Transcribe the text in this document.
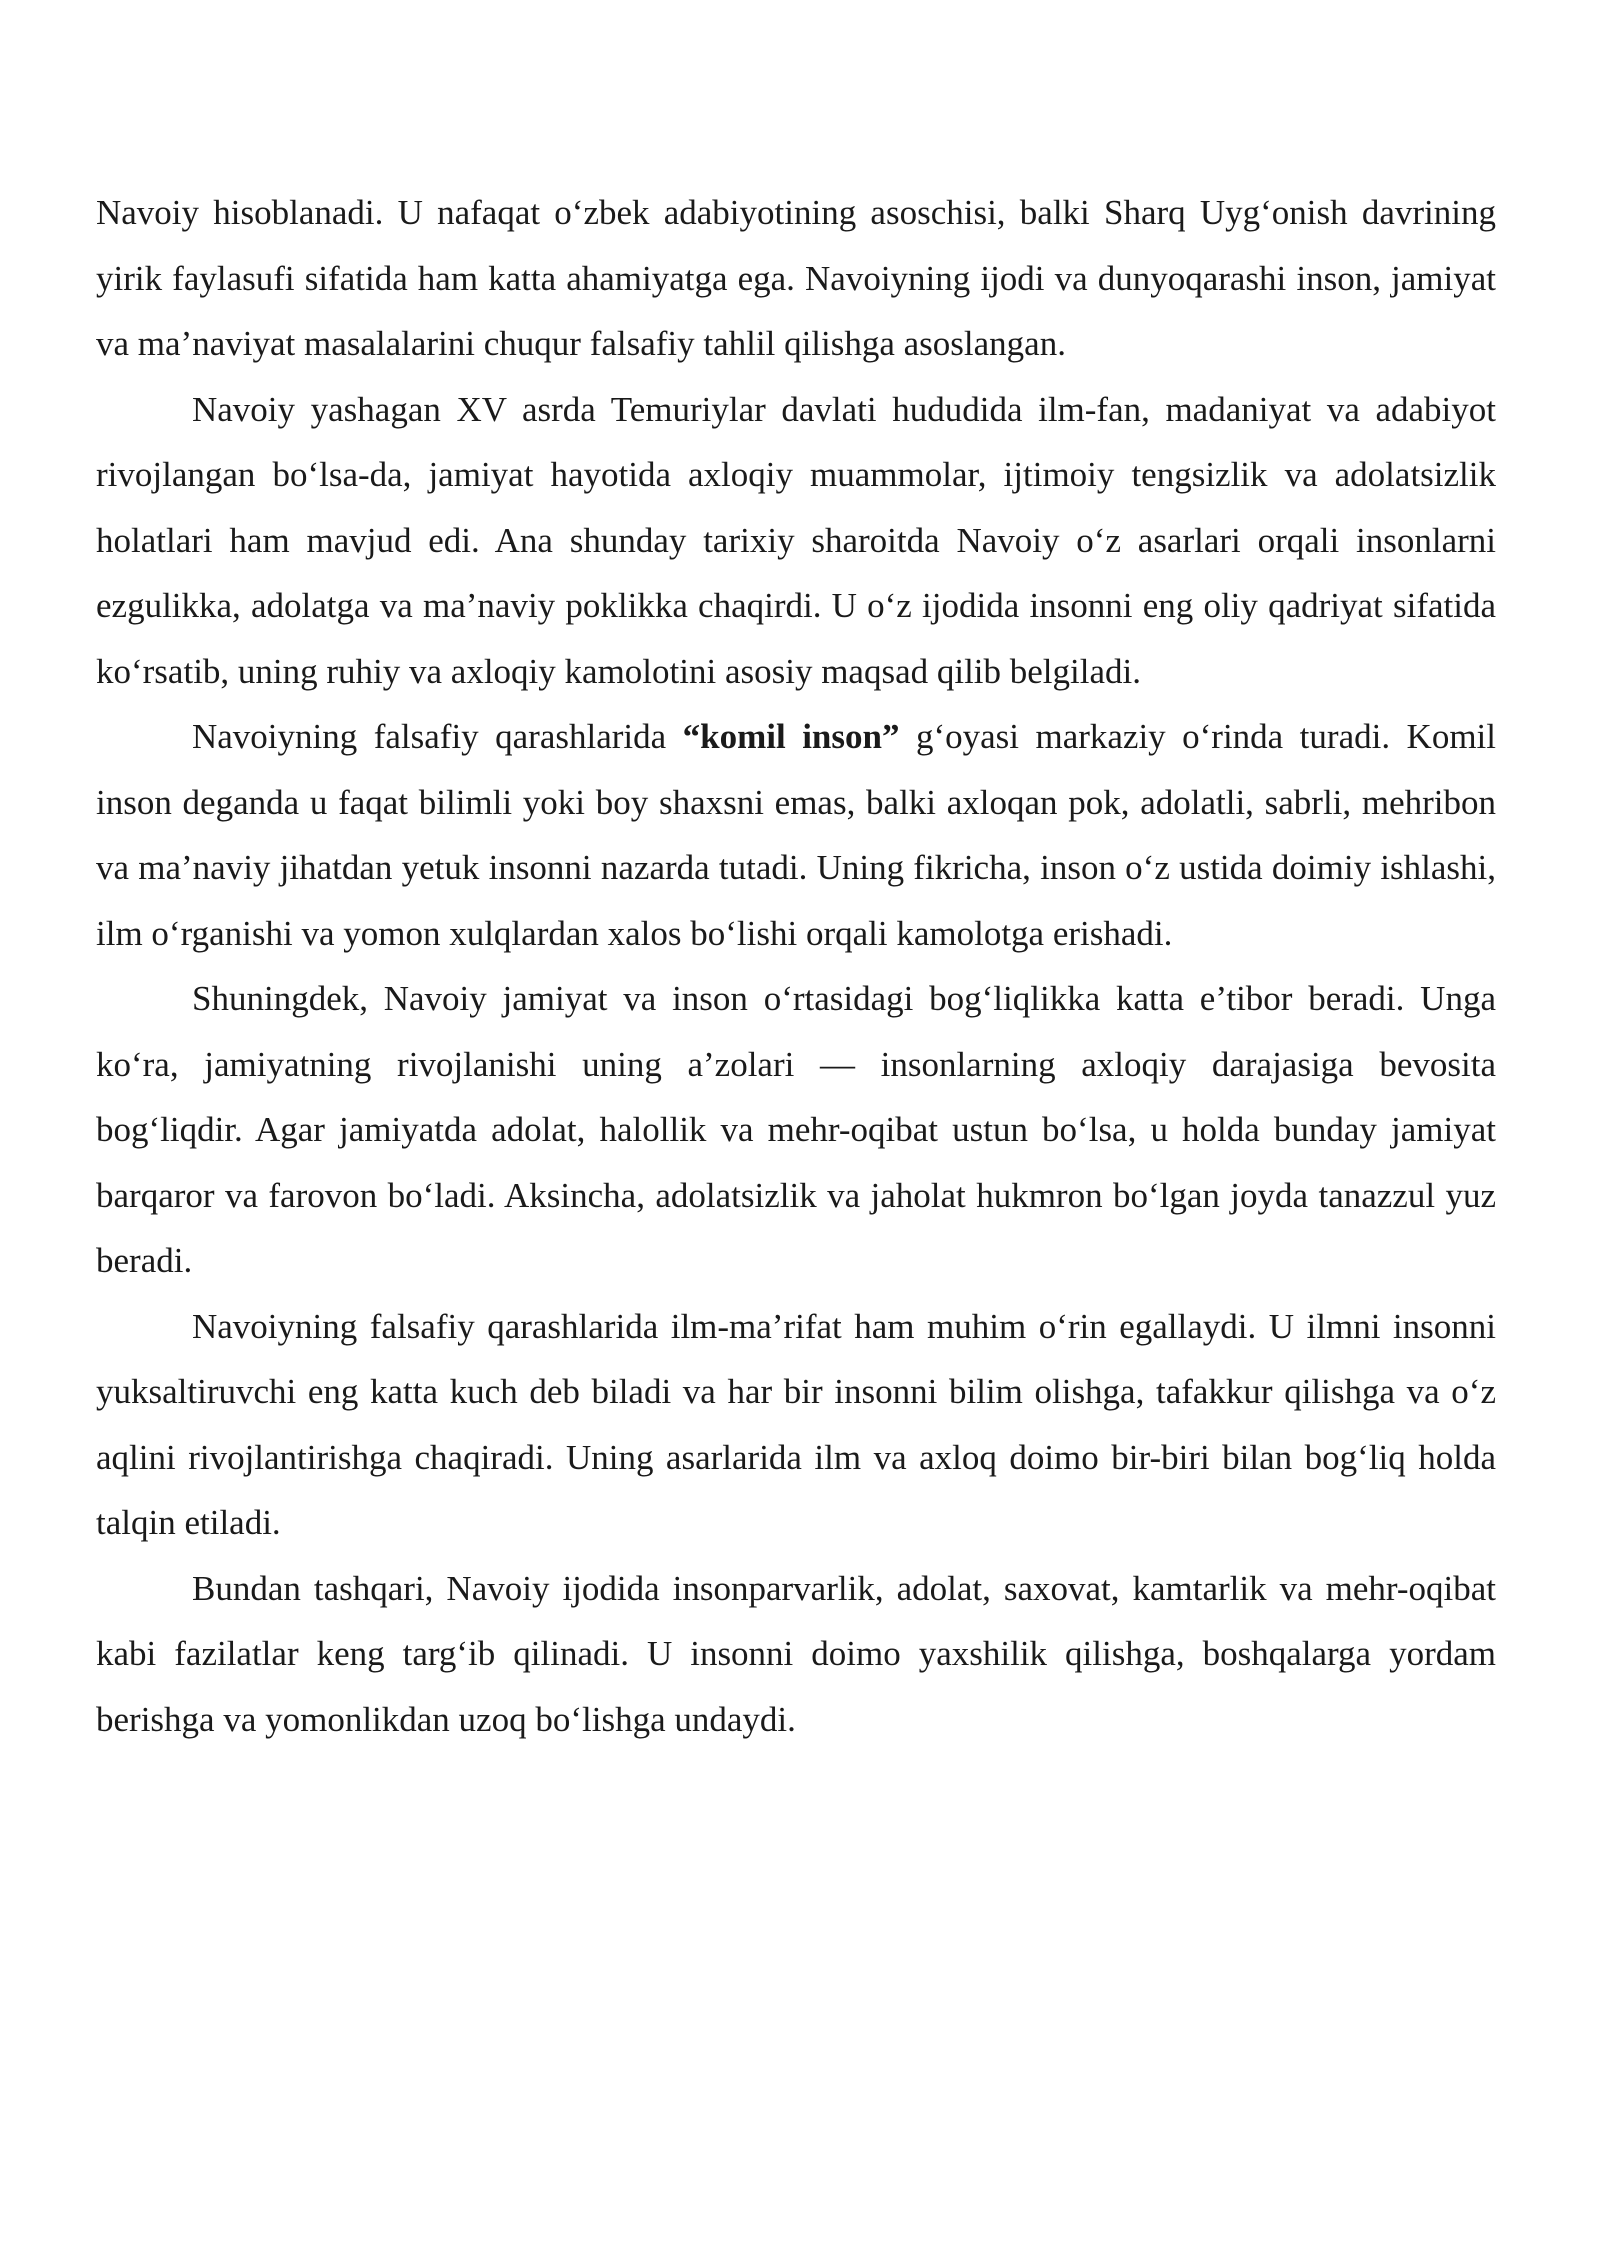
Navoiy hisoblanadi. U nafaqat o‘zbek adabiyotining asoschisi, balki Sharq Uyg‘onish davrining yirik faylasufi sifatida ham katta ahamiyatga ega. Navoiyning ijodi va dunyoqarashi inson, jamiyat va ma’naviyat masalalarini chuqur falsafiy tahlil qilishga asoslangan.

Navoiy yashagan XV asrda Temuriylar davlati hududida ilm-fan, madaniyat va adabiyot rivojlangan bo‘lsa-da, jamiyat hayotida axloqiy muammolar, ijtimoiy tengsizlik va adolatsizlik holatlari ham mavjud edi. Ana shunday tarixiy sharoitda Navoiy o‘z asarlari orqali insonlarni ezgulikka, adolatga va ma’naviy poklikka chaqirdi. U o‘z ijodida insonni eng oliy qadriyat sifatida ko‘rsatib, uning ruhiy va axloqiy kamolotini asosiy maqsad qilib belgiladi.

Navoiyning falsafiy qarashlarida “komil inson” g‘oyasi markaziy o‘rinda turadi. Komil inson deganda u faqat bilimli yoki boy shaxsni emas, balki axloqan pok, adolatli, sabrli, mehribon va ma’naviy jihatdan yetuk insonni nazarda tutadi. Uning fikricha, inson o‘z ustida doimiy ishlashi, ilm o‘rganishi va yomon xulqlardan xalos bo‘lishi orqali kamolotga erishadi.

Shuningdek, Navoiy jamiyat va inson o‘rtasidagi bog‘liqlikka katta e’tibor beradi. Unga ko‘ra, jamiyatning rivojlanishi uning a’zolari — insonlarning axloqiy darajasiga bevosita bog‘liqdir. Agar jamiyatda adolat, halollik va mehr-oqibat ustun bo‘lsa, u holda bunday jamiyat barqaror va farovon bo‘ladi. Aksincha, adolatsizlik va jaholat hukmron bo‘lgan joyda tanazzul yuz beradi.

Navoiyning falsafiy qarashlarida ilm-ma’rifat ham muhim o‘rin egallaydi. U ilmni insonni yuksaltiruvchi eng katta kuch deb biladi va har bir insonni bilim olishga, tafakkur qilishga va o‘z aqlini rivojlantirishga chaqiradi. Uning asarlarida ilm va axloq doimo bir-biri bilan bog‘liq holda talqin etiladi.

Bundan tashqari, Navoiy ijodida insonparvarlik, adolat, saxovat, kamtarlik va mehr-oqibat kabi fazilatlar keng targ‘ib qilinadi. U insonni doimo yaxshilik qilishga, boshqalarga yordam berishga va yomonlikdan uzoq bo‘lishga undaydi.
